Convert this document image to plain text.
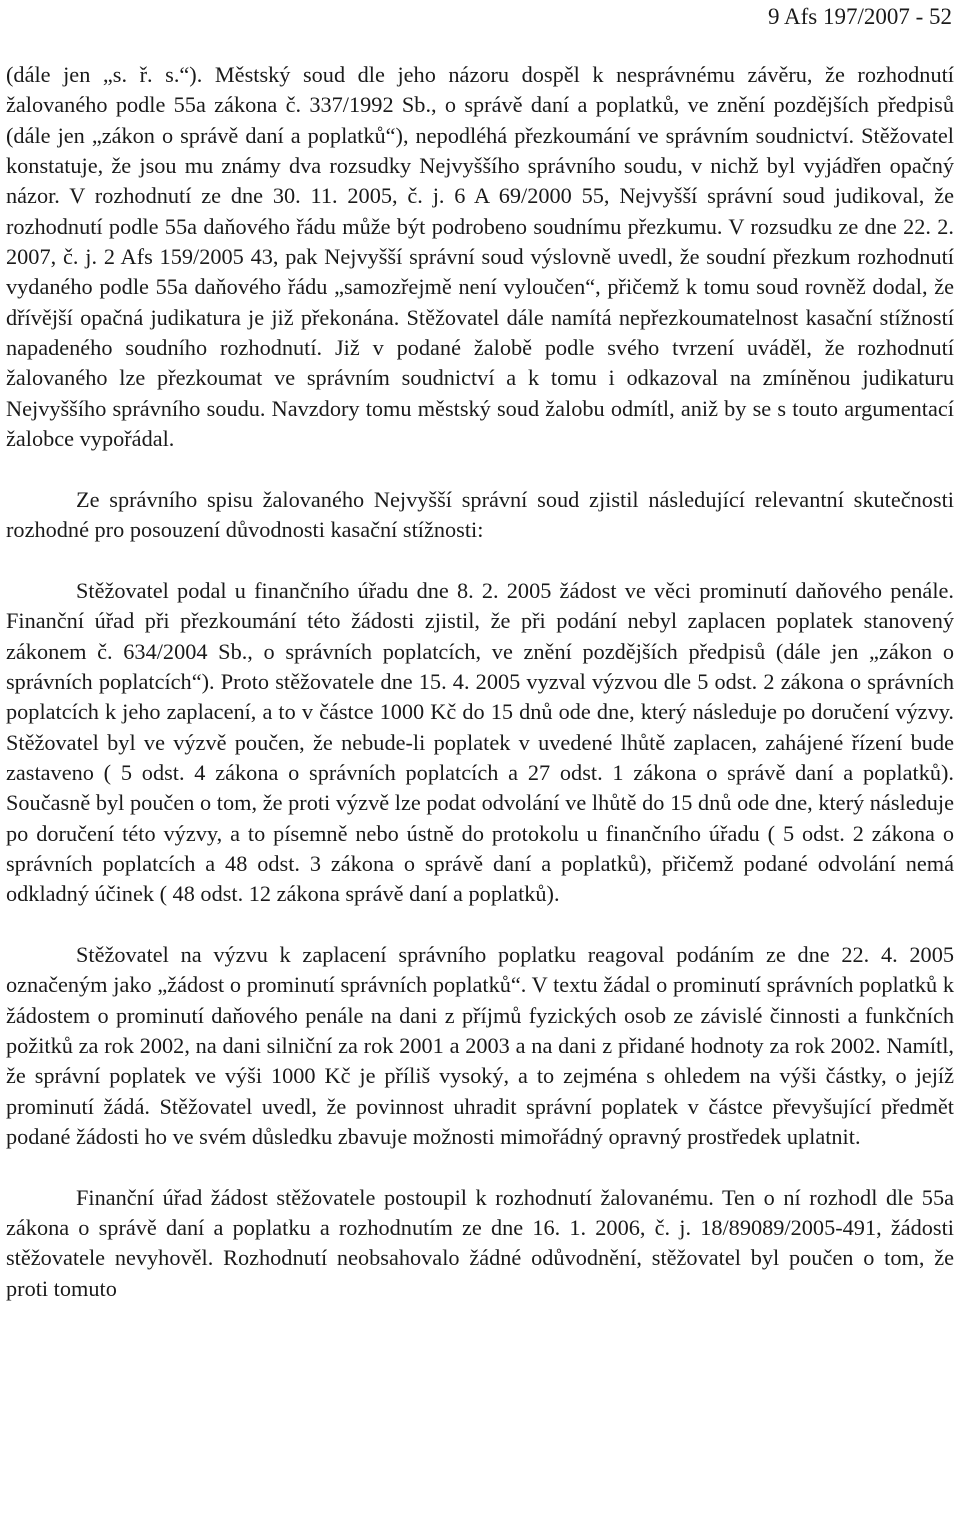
9 Afs 197/2007 - 52

(dále jen „s. ř. s.“). Městský soud dle jeho názoru dospěl k nesprávnému závěru, že rozhodnutí žalovaného podle 55a zákona č. 337/1992 Sb., o správě daní a poplatků, ve znění pozdějších předpisů (dále jen „zákon o správě daní a poplatků“), nepodléhá přezkoumání ve správním soudnictví. Stěžovatel konstatuje, že jsou mu známy dva rozsudky Nejvyššího správního soudu, v nichž byl vyjádřen opačný názor. V rozhodnutí ze dne 30. 11. 2005, č. j. 6 A 69/2000 55, Nejvyšší správní soud judikoval, že rozhodnutí podle 55a daňového řádu může být podrobeno soudnímu přezkumu. V rozsudku ze dne 22. 2. 2007, č. j. 2 Afs 159/2005 43, pak Nejvyšší správní soud výslovně uvedl, že soudní přezkum rozhodnutí vydaného podle 55a daňového řádu „samozřejmě není vyloučen“, přičemž k tomu soud rovněž dodal, že dřívější opačná judikatura je již překonána. Stěžovatel dále namítá nepřezkoumatelnost kasační stížností napadeného soudního rozhodnutí. Již v podané žalobě podle svého tvrzení uváděl, že rozhodnutí žalovaného lze přezkoumat ve správním soudnictví a k tomu i odkazoval na zmíněnou judikaturu Nejvyššího správního soudu. Navzdory tomu městský soud žalobu odmítl, aniž by se s touto argumentací žalobce vypořádal.

Ze správního spisu žalovaného Nejvyšší správní soud zjistil následující relevantní skutečnosti rozhodné pro posouzení důvodnosti kasační stížnosti:

Stěžovatel podal u finančního úřadu dne 8. 2. 2005 žádost ve věci prominutí daňového penále. Finanční úřad při přezkoumání této žádosti zjistil, že při podání nebyl zaplacen poplatek stanovený zákonem č. 634/2004 Sb., o správních poplatcích, ve znění pozdějších předpisů (dále jen „zákon o správních poplatcích“). Proto stěžovatele dne 15. 4. 2005 vyzval výzvou dle 5 odst. 2 zákona o správních poplatcích k jeho zaplacení, a to v částce 1000 Kč do 15 dnů ode dne, který následuje po doručení výzvy. Stěžovatel byl ve výzvě poučen, že nebude-li poplatek v uvedené lhůtě zaplacen, zahájené řízení bude zastaveno ( 5 odst. 4 zákona o správních poplatcích a 27 odst. 1 zákona o správě daní a poplatků). Současně byl poučen o tom, že proti výzvě lze podat odvolání ve lhůtě do 15 dnů ode dne, který následuje po doručení této výzvy, a to písemně nebo ústně do protokolu u finančního úřadu ( 5 odst. 2 zákona o správních poplatcích a 48 odst. 3 zákona o správě daní a poplatků), přičemž podané odvolání nemá odkladný účinek ( 48 odst. 12 zákona správě daní a poplatků).

Stěžovatel na výzvu k zaplacení správního poplatku reagoval podáním ze dne 22. 4. 2005 označeným jako „žádost o prominutí správních poplatků“. V textu žádal o prominutí správních poplatků k žádostem o prominutí daňového penále na dani z příjmů fyzických osob ze závislé činnosti a funkčních požitků za rok 2002, na dani silniční za rok 2001 a 2003 a na dani z přidané hodnoty za rok 2002. Namítl, že správní poplatek ve výši 1000 Kč je příliš vysoký, a to zejména s ohledem na výši částky, o jejíž prominutí žádá. Stěžovatel uvedl, že povinnost uhradit správní poplatek v částce převyšující předmět podané žádosti ho ve svém důsledku zbavuje možnosti mimořádný opravný prostředek uplatnit.

Finanční úřad žádost stěžovatele postoupil k rozhodnutí žalovanému. Ten o ní rozhodl dle 55a zákona o správě daní a poplatku a rozhodnutím ze dne 16. 1. 2006, č. j. 18/89089/2005-491, žádosti stěžovatele nevyhověl. Rozhodnutí neobsahovalo žádné odůvodnění, stěžovatel byl poučen o tom, že proti tomuto
